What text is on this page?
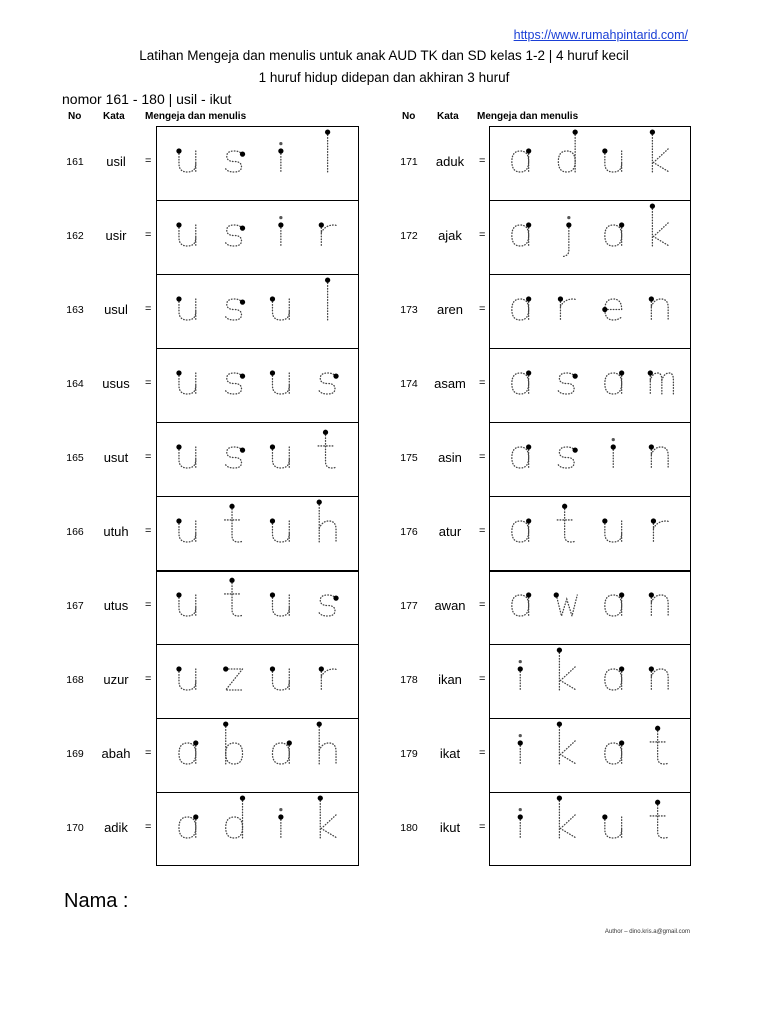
https://www.rumahpintarid.com/
Latihan Mengeja dan menulis untuk anak AUD TK dan SD kelas 1-2 | 4 huruf kecil
1 huruf hidup didepan dan akhiran 3 huruf
nomor 161 - 180 | usil - ikut
No Kata Mengeja dan menulis	No Kata Mengeja dan menulis
161	usil	=
162	usir	=
163	usul	=
164	usus	=
165	usut	=
166	utuh	=
167	utus	=
168	uzur	=
169	abah	=
170	adik	=
171	aduk	=
172	ajak	=
173	aren	=
174	asam	=
175	asin	=
176	atur	=
177	awan	=
178	ikan	=
179	ikat	=
180	ikut	=
Nama :
Author – dino.kris.a@gmail.com
